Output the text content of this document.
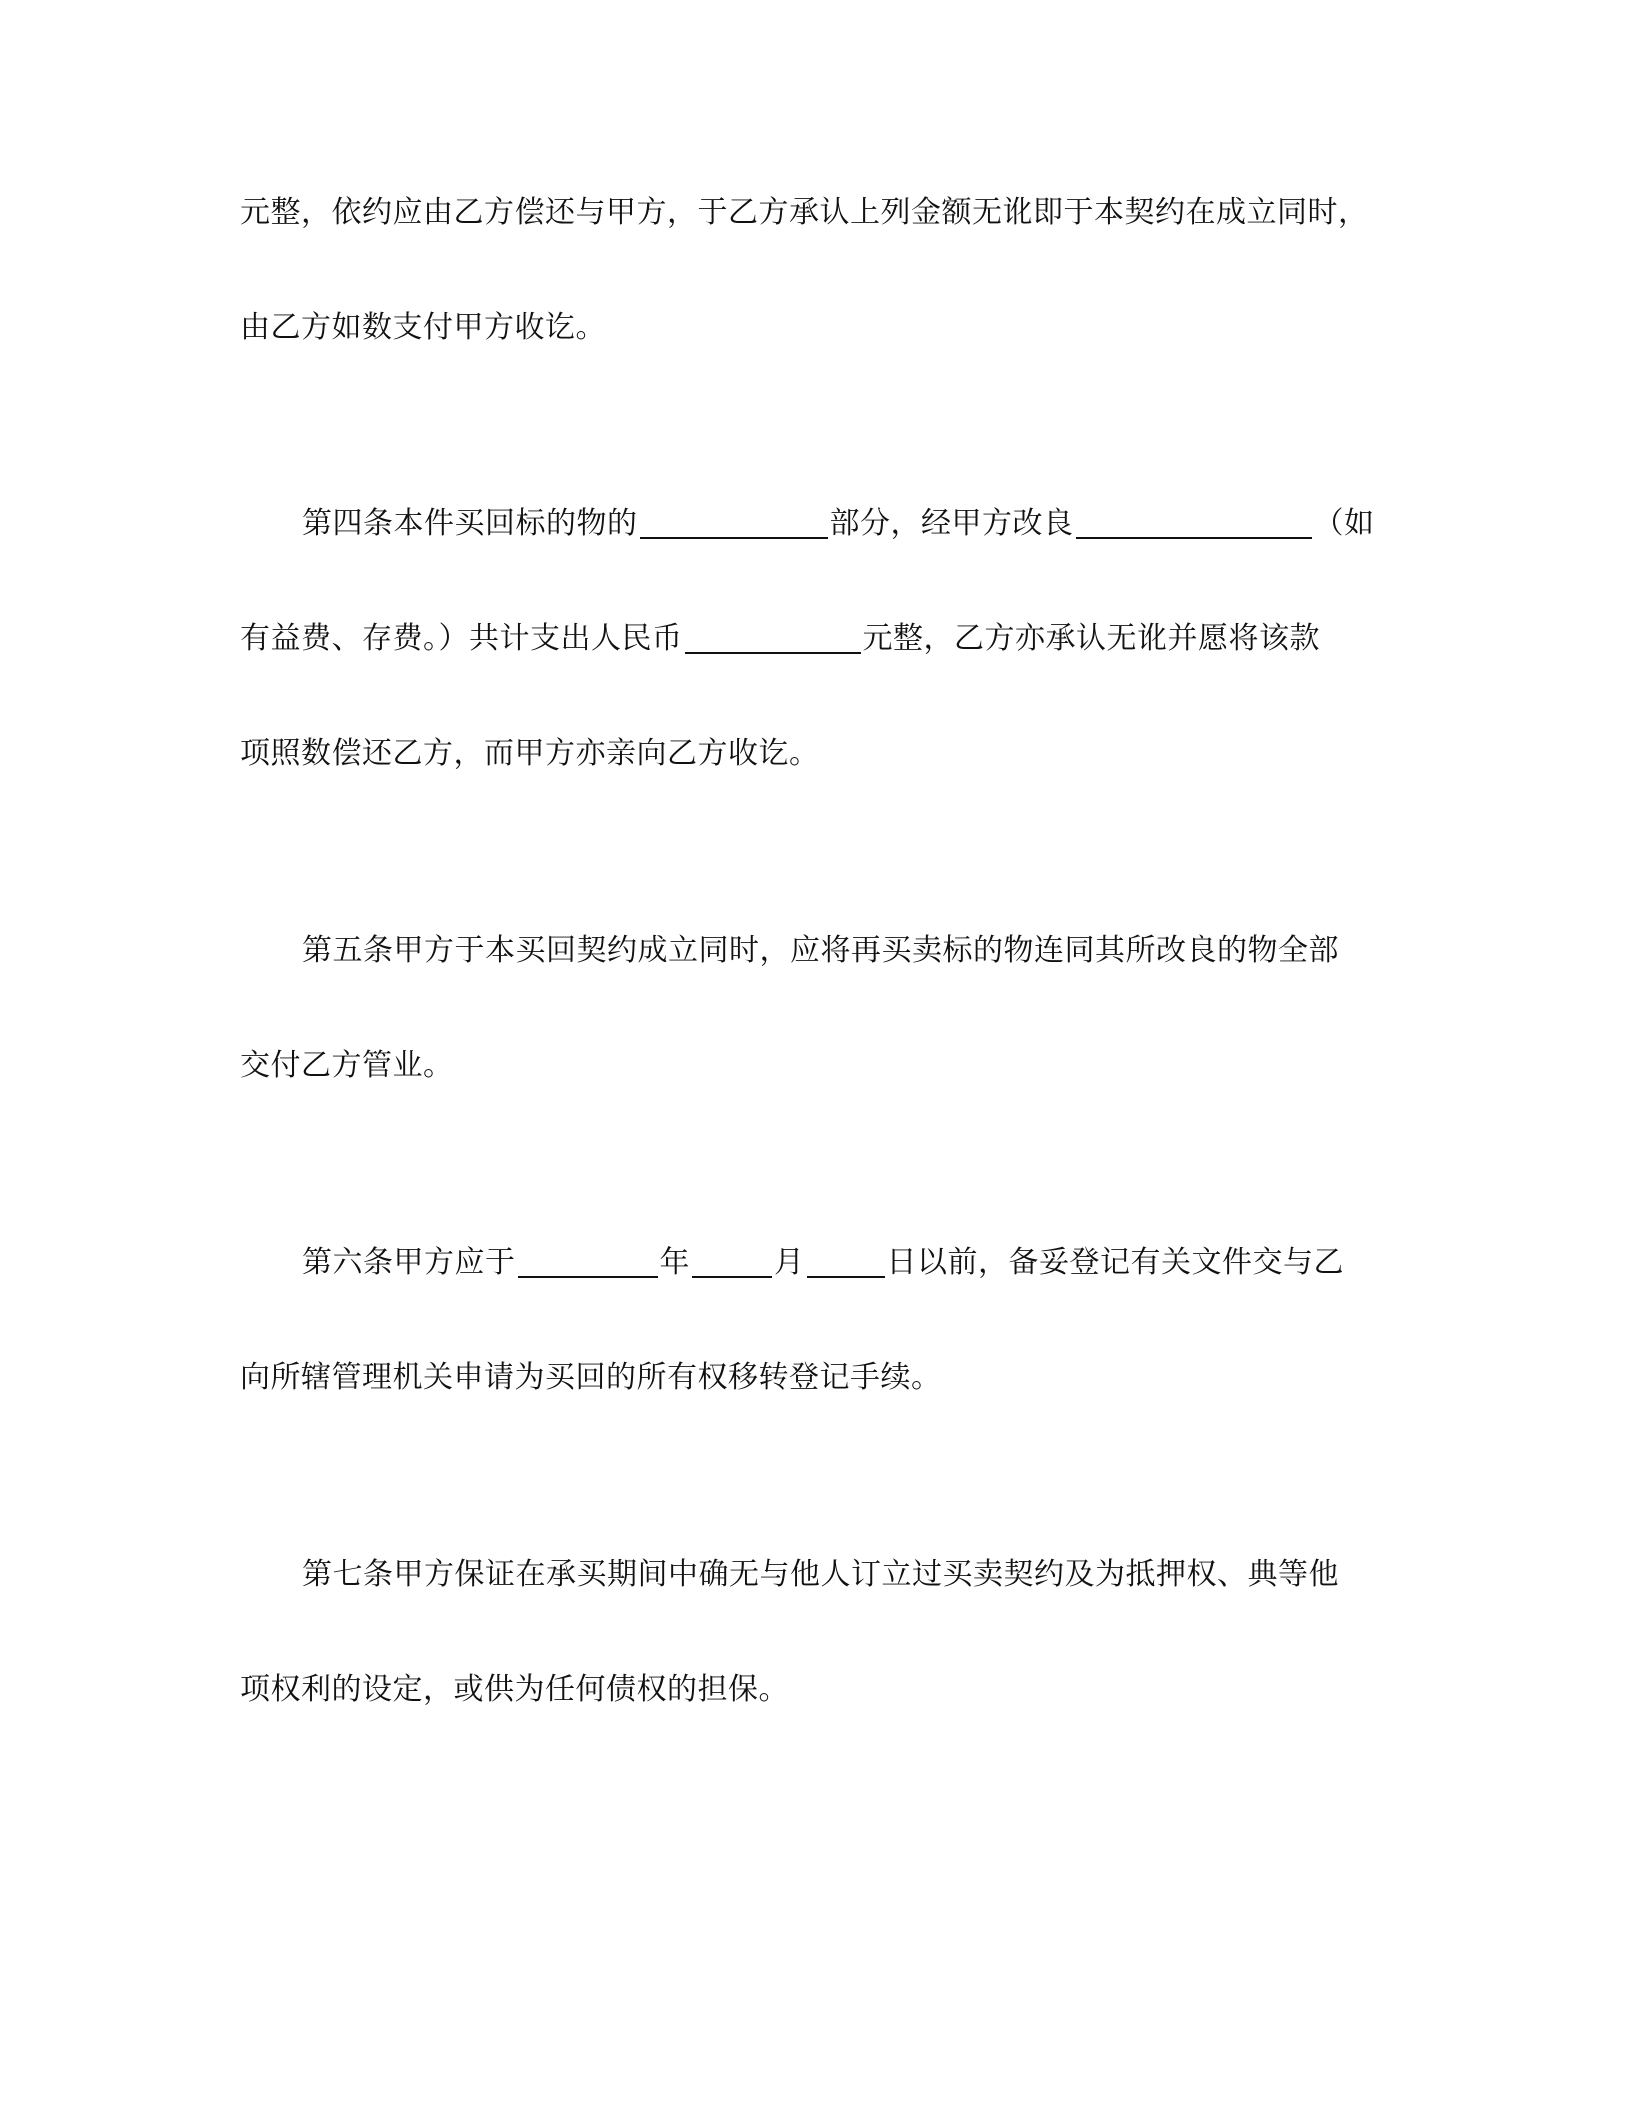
元整，依约应由乙方偿还与甲方，于乙方承认上列金额无讹即于本契约在成立同时，
由乙方如数支付甲方收讫。
第四条本件买回标的物的	部分，经甲方改良	（如
有益费、存费。）共计支出人民币	元整，乙方亦承认无讹并愿将该款
项照数偿还乙方，而甲方亦亲向乙方收讫。
第五条甲方于本买回契约成立同时，应将再买卖标的物连同其所改良的物全部
交付乙方管业。
第六条甲方应于	年	月	日以前，备妥登记有关文件交与乙
向所辖管理机关申请为买回的所有权移转登记手续。
第七条甲方保证在承买期间中确无与他人订立过买卖契约及为抵押权、典等他
项权利的设定，或供为任何债权的担保。
